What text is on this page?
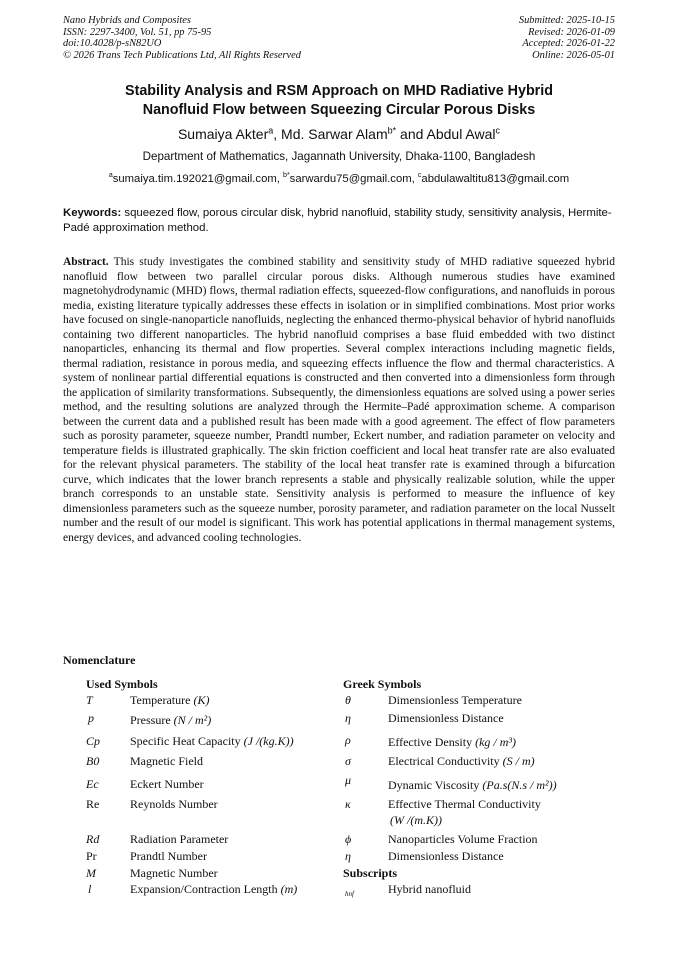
Nano Hybrids and Composites
ISSN: 2297-3400, Vol. 51, pp 75-95
doi:10.4028/p-sN82UO
© 2026 Trans Tech Publications Ltd, All Rights Reserved
Submitted: 2025-10-15
Revised: 2026-01-09
Accepted: 2026-01-22
Online: 2026-05-01
Stability Analysis and RSM Approach on MHD Radiative Hybrid
Nanofluid Flow between Squeezing Circular Porous Disks
Sumaiya Akter$^a$, Md. Sarwar Alam$^{b*}$ and Abdul Awal$^c$
Department of Mathematics, Jagannath University, Dhaka-1100, Bangladesh
$^a$sumaiya.tim.192021@gmail.com, $^{b*}$sarwardu75@gmail.com, $^c$abdulawaltitu813@gmail.com
Keywords: squeezed flow, porous circular disk, hybrid nanofluid, stability study, sensitivity analysis, Hermite-Padé approximation method.
Abstract. This study investigates the combined stability and sensitivity study of MHD radiative squeezed hybrid nanofluid flow between two parallel circular porous disks. Although numerous studies have examined magnetohydrodynamic (MHD) flows, thermal radiation effects, squeezed-flow configurations, and nanofluids in porous media, existing literature typically addresses these effects in isolation or in simplified combinations. Most prior works have focused on single-nanoparticle nanofluids, neglecting the enhanced thermo-physical behavior of hybrid nanofluids containing two different nanoparticles. The hybrid nanofluid comprises a base fluid embedded with two distinct nanoparticles, enhancing its thermal and flow properties. Several complex interactions including magnetic fields, thermal radiation, resistance in porous media, and squeezing effects influence the flow and thermal characteristics. A system of nonlinear partial differential equations is constructed and then converted into a dimensionless form through the application of similarity transformations. Subsequently, the dimensionless equations are solved using a power series method, and the resulting solutions are analyzed through the Hermite–Padé approximation scheme. A comparison between the current data and a published result has been made with a good agreement. The effect of flow parameters such as porosity parameter, squeeze number, Prandtl number, Eckert number, and radiation parameter on velocity and temperature fields is illustrated graphically. The skin friction coefficient and local heat transfer rate are also evaluated for the relevant physical parameters. The stability of the local heat transfer rate is examined through a bifurcation curve, which indicates that the lower branch represents a stable and physically realizable solution, while the upper branch corresponds to an unstable state. Sensitivity analysis is performed to measure the influence of key dimensionless parameters such as the squeeze number, porosity parameter, and radiation parameter on the local Nusselt number and the result of our model is significant. This work has potential applications in thermal management systems, energy devices, and advanced cooling technologies.
Nomenclature
Used Symbols	Greek Symbols
T	Temperature (K)
p	Pressure (N / m²)
Cp Specific Heat Capacity (J /(kg.K))
B0	Magnetic Field
Ec	Eckert Number
Re	Reynolds Number
Rd	Radiation Parameter
Pr	Prandtl Number
M	Magnetic Number
l	Expansion/Contraction Length (m)
θ	Dimensionless Temperature
η	Dimensionless Distance
ρ	Effective Density (kg / m³)
σ	Electrical Conductivity (S / m)
μ	Dynamic Viscosity (Pa.s(N.s / m²))
κ	Effective Thermal Conductivity
(W /(m.K))
ϕ	Nanoparticles Volume Fraction
η	Dimensionless Distance
Subscripts
hnf	Hybrid nanofluid
